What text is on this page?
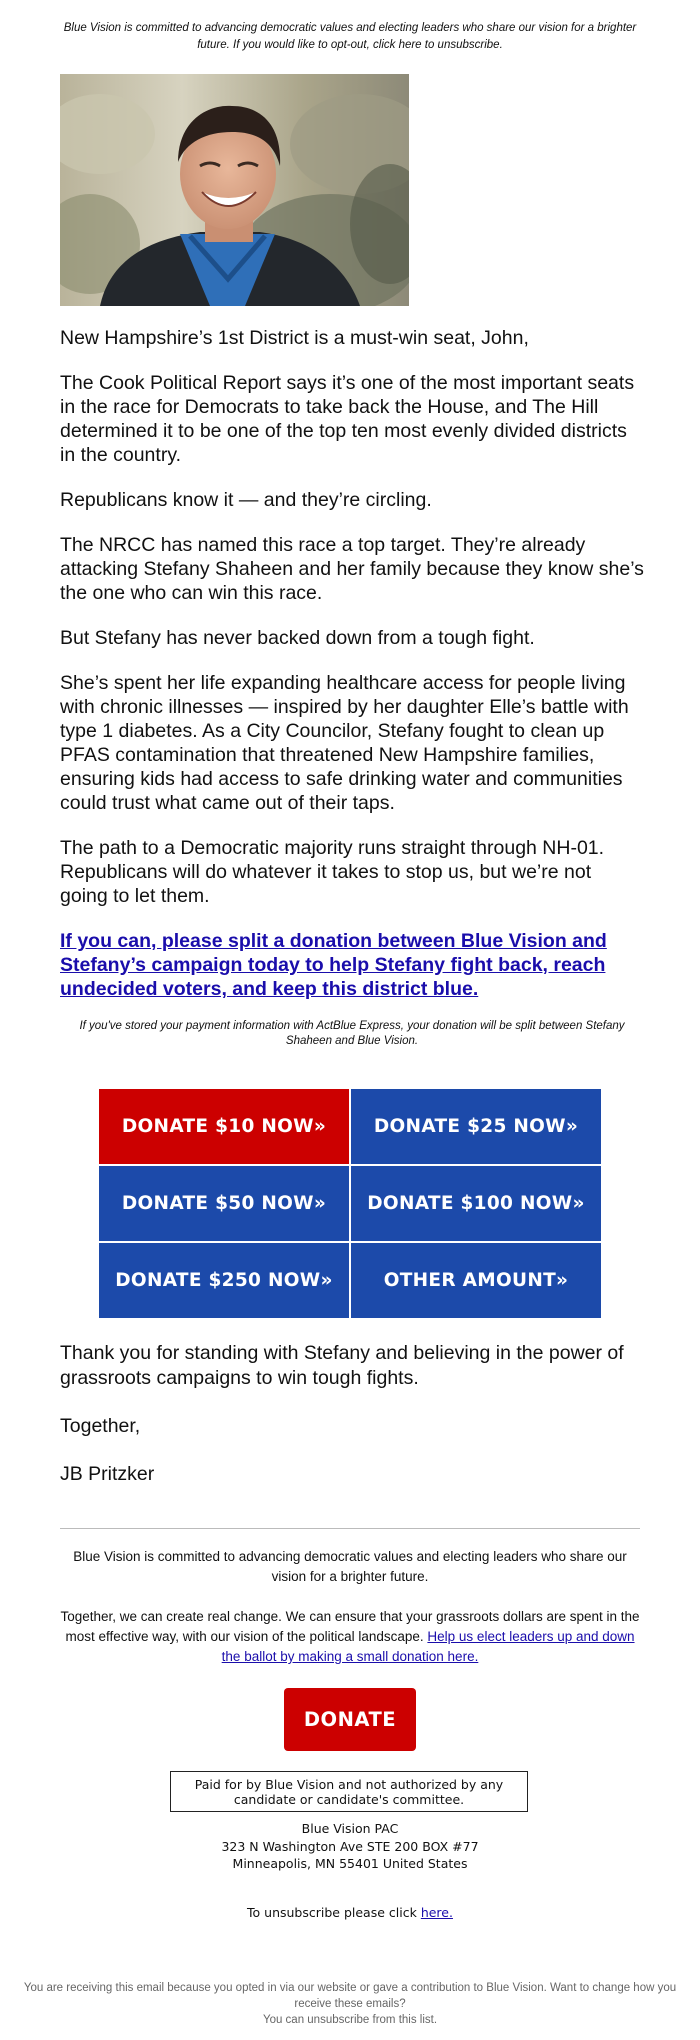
Blue Vision is committed to advancing democratic values and electing leaders who share our vision for a brighter future. If you would like to opt-out, click here to unsubscribe.

New Hampshire’s 1st District is a must-win seat, John,

The Cook Political Report says it’s one of the most important seats in the race for Democrats to take back the House, and The Hill determined it to be one of the top ten most evenly divided districts in the country.

Republicans know it — and they’re circling.

The NRCC has named this race a top target. They’re already attacking Stefany Shaheen and her family because they know she’s the one who can win this race.

But Stefany has never backed down from a tough fight.

She’s spent her life expanding healthcare access for people living with chronic illnesses — inspired by her daughter Elle’s battle with type 1 diabetes. As a City Councilor, Stefany fought to clean up PFAS contamination that threatened New Hampshire families, ensuring kids had access to safe drinking water and communities could trust what came out of their taps.

The path to a Democratic majority runs straight through NH-01. Republicans will do whatever it takes to stop us, but we’re not going to let them.

If you can, please split a donation between Blue Vision and Stefany’s campaign today to help Stefany fight back, reach undecided voters, and keep this district blue.

If you've stored your payment information with ActBlue Express, your donation will be split between Stefany Shaheen and Blue Vision.

DONATE $10 NOW»	DONATE $25 NOW»
DONATE $50 NOW»	DONATE $100 NOW»
DONATE $250 NOW»	OTHER AMOUNT»

Thank you for standing with Stefany and believing in the power of grassroots campaigns to win tough fights.

Together,

JB Pritzker

Blue Vision is committed to advancing democratic values and electing leaders who share our vision for a brighter future.

Together, we can create real change. We can ensure that your grassroots dollars are spent in the most effective way, with our vision of the political landscape. Help us elect leaders up and down the ballot by making a small donation here.

DONATE
Paid for by Blue Vision and not authorized by any candidate or candidate's committee.
Blue Vision PAC
323 N Washington Ave STE 200 BOX #77
Minneapolis, MN 55401 United States
To unsubscribe please click here.
You are receiving this email because you opted in via our website or gave a contribution to Blue Vision. Want to change how you receive these emails?
You can unsubscribe from this list.
